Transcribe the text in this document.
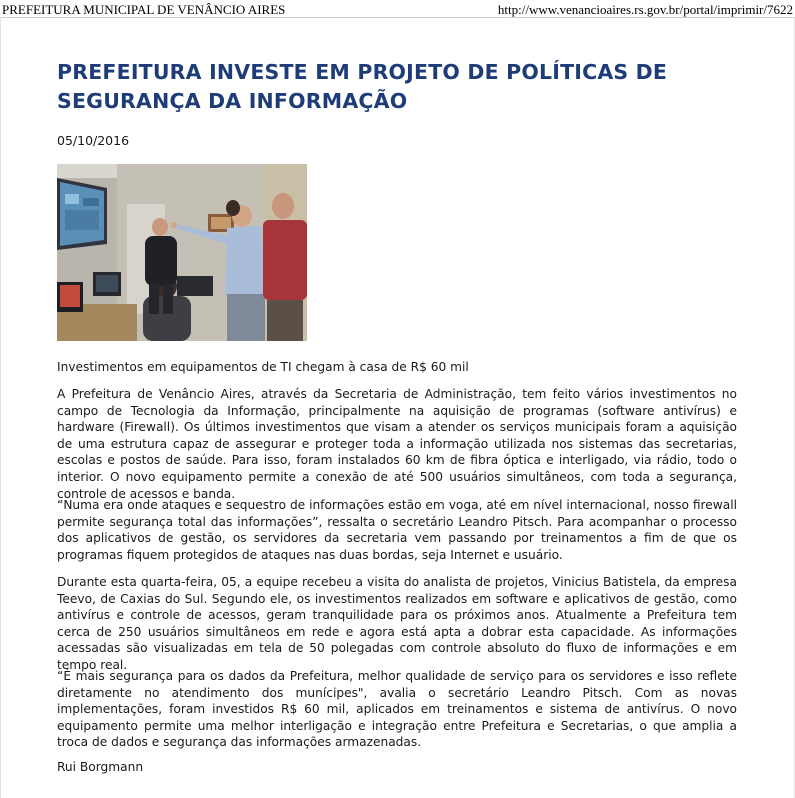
PREFEITURA MUNICIPAL DE VENÂNCIO AIRES	http://www.venancioaires.rs.gov.br/portal/imprimir/7622
PREFEITURA INVESTE EM PROJETO DE POLÍTICAS DE SEGURANÇA DA INFORMAÇÃO
05/10/2016
Investimentos em equipamentos de TI chegam à casa de R$ 60 mil

A Prefeitura de Venâncio Aires, através da Secretaria de Administração, tem feito vários investimentos no campo de Tecnologia da Informação, principalmente na aquisição de programas (software antivírus) e hardware (Firewall). Os últimos investimentos que visam a atender os serviços municipais foram a aquisição de uma estrutura capaz de assegurar e proteger toda a informação utilizada nos sistemas das secretarias, escolas e postos de saúde. Para isso, foram instalados 60 km de fibra óptica e interligado, via rádio, todo o interior. O novo equipamento permite a conexão de até 500 usuários simultâneos, com toda a segurança, controle de acessos e banda.

“Numa era onde ataques e sequestro de informações estão em voga, até em nível internacional, nosso firewall permite segurança total das informações”, ressalta o secretário Leandro Pitsch. Para acompanhar o processo dos aplicativos de gestão, os servidores da secretaria vem passando por treinamentos a fim de que os programas fiquem protegidos de ataques nas duas bordas, seja Internet e usuário.

Durante esta quarta-feira, 05, a equipe recebeu a visita do analista de projetos, Vinicius Batistela, da empresa Teevo, de Caxias do Sul. Segundo ele, os investimentos realizados em software e aplicativos de gestão, como antivírus e controle de acessos, geram tranquilidade para os próximos anos. Atualmente a Prefeitura tem cerca de 250 usuários simultâneos em rede e agora está apta a dobrar esta capacidade. As informações acessadas são visualizadas em tela de 50 polegadas com controle absoluto do fluxo de informações e em tempo real.

“É mais segurança para os dados da Prefeitura, melhor qualidade de serviço para os servidores e isso reflete diretamente no atendimento dos munícipes", avalia o secretário Leandro Pitsch. Com as novas implementações, foram investidos R$ 60 mil, aplicados em treinamentos e sistema de antivírus. O novo equipamento permite uma melhor interligação e integração entre Prefeitura e Secretarias, o que amplia a troca de dados e segurança das informações armazenadas.

Rui Borgmann
